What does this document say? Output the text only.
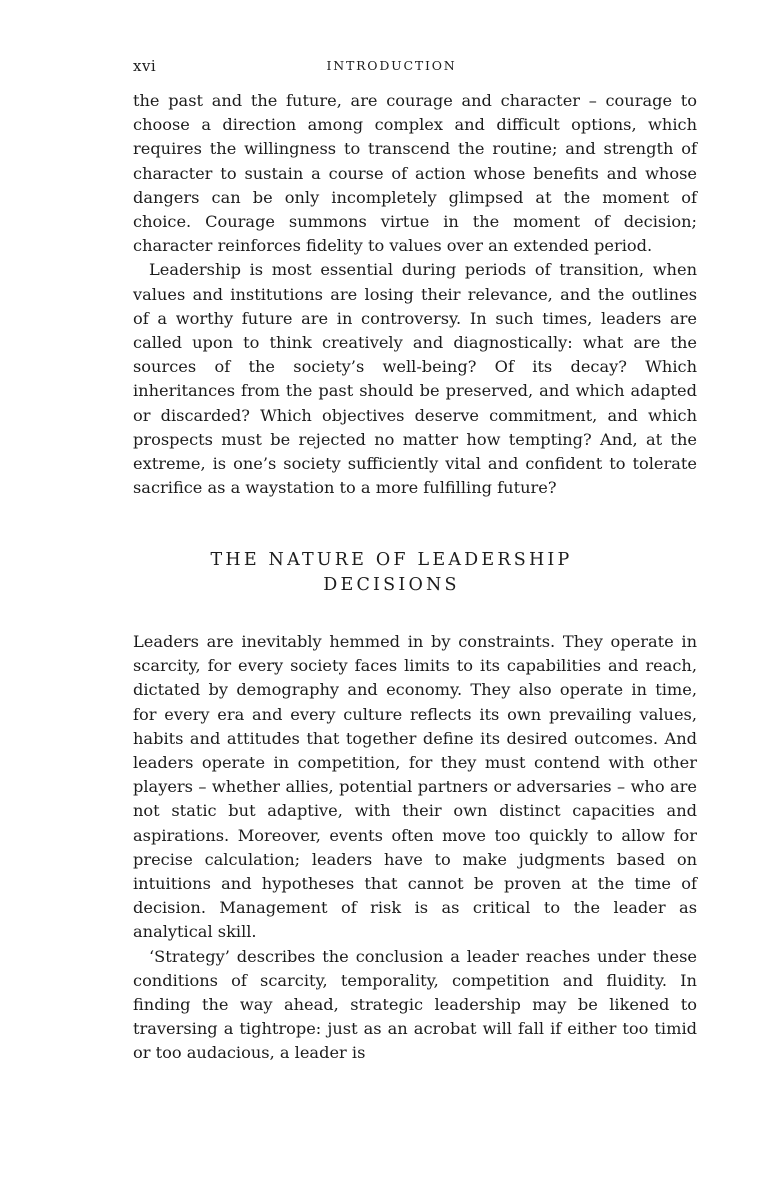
xvi	INTRODUCTION

the past and the future, are courage and character – courage to choose a direction among complex and difficult options, which requires the willingness to transcend the routine; and strength of character to sustain a course of action whose benefits and whose dangers can be only incompletely glimpsed at the moment of choice. Courage summons virtue in the moment of decision; character reinforces fidelity to values over an extended period.

Leadership is most essential during periods of transition, when values and institutions are losing their relevance, and the outlines of a worthy future are in controversy. In such times, leaders are called upon to think creatively and diagnostically: what are the sources of the society’s well-being? Of its decay? Which inheritances from the past should be preserved, and which adapted or discarded? Which objectives deserve commitment, and which prospects must be rejected no matter how tempting? And, at the extreme, is one’s society sufficiently vital and confident to tolerate sacrifice as a waystation to a more fulfilling future?

THE NATURE OF LEADERSHIP
DECISIONS

Leaders are inevitably hemmed in by constraints. They operate in scarcity, for every society faces limits to its capabilities and reach, dictated by demography and economy. They also operate in time, for every era and every culture reflects its own prevailing values, habits and attitudes that together define its desired outcomes. And leaders operate in competition, for they must contend with other players – whether allies, potential partners or adversaries – who are not static but adaptive, with their own distinct capacities and aspirations. Moreover, events often move too quickly to allow for precise calculation; leaders have to make judgments based on intuitions and hypotheses that cannot be proven at the time of decision. Management of risk is as critical to the leader as analytical skill.

‘Strategy’ describes the conclusion a leader reaches under these conditions of scarcity, temporality, competition and fluidity. In finding the way ahead, strategic leadership may be likened to traversing a tightrope: just as an acrobat will fall if either too timid or too audacious, a leader is
